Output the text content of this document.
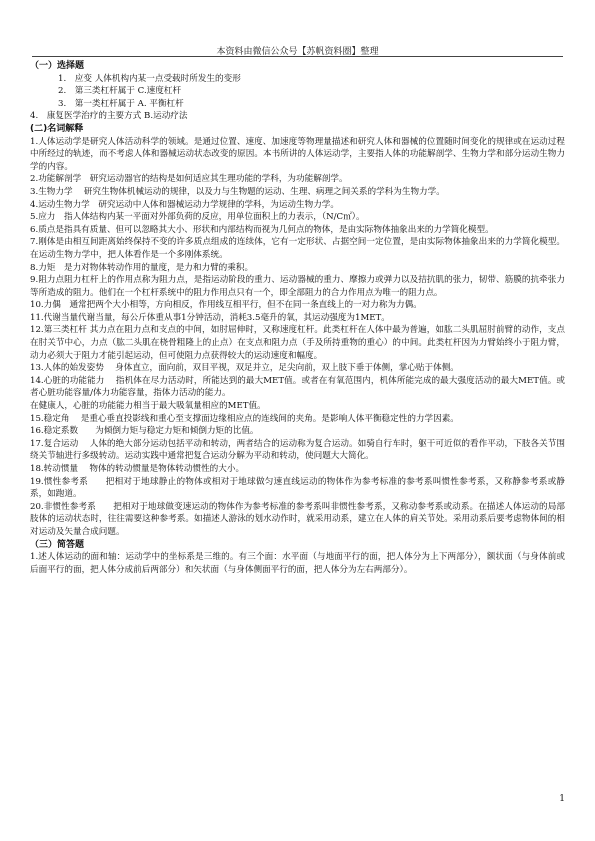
本资料由微信公众号【苏帆资料圈】整理

（一）选择题

1.　应变 人体机构内某一点受载时所发生的变形

2.　第三类杠杆属于 C.速度杠杆

3.　第一类杠杆属于 A. 平衡杠杆

4.　康复医学治疗的主要方式 B.运动疗法

(二)名词解释

1.人体运动学是研究人体活动科学的领域。是通过位置、速度、加速度等物理量描述和研究人体和器械的位置随时间变化的规律或在运动过程中所经过的轨迹，而不考虑人体和器械运动状态改变的原因。本书所讲的人体运动学，主要指人体的功能解剖学、生物力学和部分运动生物力学的内容。

2.功能解剖学　研究运动器官的结构是如何适应其生理功能的学科，为功能解剖学。

3.生物力学　 研究生物体机械运动的规律，以及力与生物题的运动、生理、病理之间关系的学科为生物力学。

4.运动生物力学　研究运动中人体和器械运动力学规律的学科，为运动生物力学。

5.应力　指人体结构内某一平面对外部负荷的反应，用单位面积上的力表示，（N/C㎡）。

6.质点是指具有质量、但可以忽略其大小、形状和内部结构而视为几何点的物体，是由实际物体抽象出来的力学简化模型。

7.刚体是由相互间距离始终保持不变的许多质点组成的连续体，它有一定形状、占据空间一定位置，是由实际物体抽象出来的力学简化模型。在运动生物力学中，把人体看作是一个多刚体系统。

8.力矩　是力对物体转动作用的量度，是力和力臂的乘积。

9.阻力点阻力杠杆上的作用点称为阻力点，是指运动阶段的重力、运动器械的重力、摩擦力或弹力以及拮抗肌的张力，韧带、筋膜的抗牵张力等所造成的阻力。他们在一个杠杆系统中的阻力作用点只有一个，即全部阻力的合力作用点为唯一的阻力点。

10.力偶　通常把两个大小相等，方向相反，作用线互相平行，但不在同一条直线上的一对力称为力偶。

11.代谢当量代谢当量，每公斤体重从事1分钟活动，消耗3.5毫升的氧，其运动强度为1MET。

12.第三类杠杆 其力点在阻力点和支点的中间，如肘屈伸时，又称速度杠杆。此类杠杆在人体中最为普遍，如肱二头肌屈肘前臂的动作，支点在肘关节中心，力点（肱二头肌在桡骨粗隆上的止点）在支点和阻力点（手及所持重物的重心）的中间。此类杠杆因为力臂始终小于阻力臂，动力必须大于阻力才能引起运动，但可使阻力点获得较大的运动速度和幅度。

13.人体的始发姿势　 身体直立，面向前，双目平视，双足并立，足尖向前，双上肢下垂于体侧，掌心贴于体侧。

14.心脏的功能能力　 指机体在尽力活动时，所能达到的最大MET值。或者在有氧范围内，机体所能完成的最大强度活动的最大MET值。或者心脏功能容量/体力功能容量，指体力活动的能力。

在健康人，心脏的功能能力相当于最大吸氧量相应的MET值。

15.稳定角　 是重心垂直投影线和重心至支撑面边缘相应点的连线间的夹角。是影响人体平衡稳定性的力学因素。

16.稳定系数　　为倾倒力矩与稳定力矩和倾倒力矩的比值。

17.复合运动　 人体的绝大部分运动包括平动和转动，两者结合的运动称为复合运动。如骑自行车时，躯干可近似的看作平动，下肢各关节围绕关节轴进行多级转动。运动实践中通常把复合运动分解为平动和转动，使问题大大简化。

18.转动惯量　 物体的转动惯量是物体转动惯性的大小。

19.惯性参考系　　把相对于地球静止的物体或相对于地球做匀速直线运动的物体作为参考标准的参考系叫惯性参考系，又称静参考系或静系，如跑道。

20.非惯性参考系　　把相对于地球做变速运动的物体作为参考标准的参考系叫非惯性参考系，又称动参考系或动系。在描述人体运动的局部肢体的运动状态时，往往需要这种参考系。如描述人游泳的划水动作时，就采用动系，建立在人体的肩关节处。采用动系后要考虑物体间的相对运动及矢量合成问题。

（三）简答题

1.述人体运动的面和轴：运动学中的坐标系是三维的。有三个面：水平面（与地面平行的面，把人体分为上下两部分），额状面（与身体前或后面平行的面，把人体分成前后两部分）和矢状面（与身体侧面平行的面，把人体分为左右两部分）。

1
